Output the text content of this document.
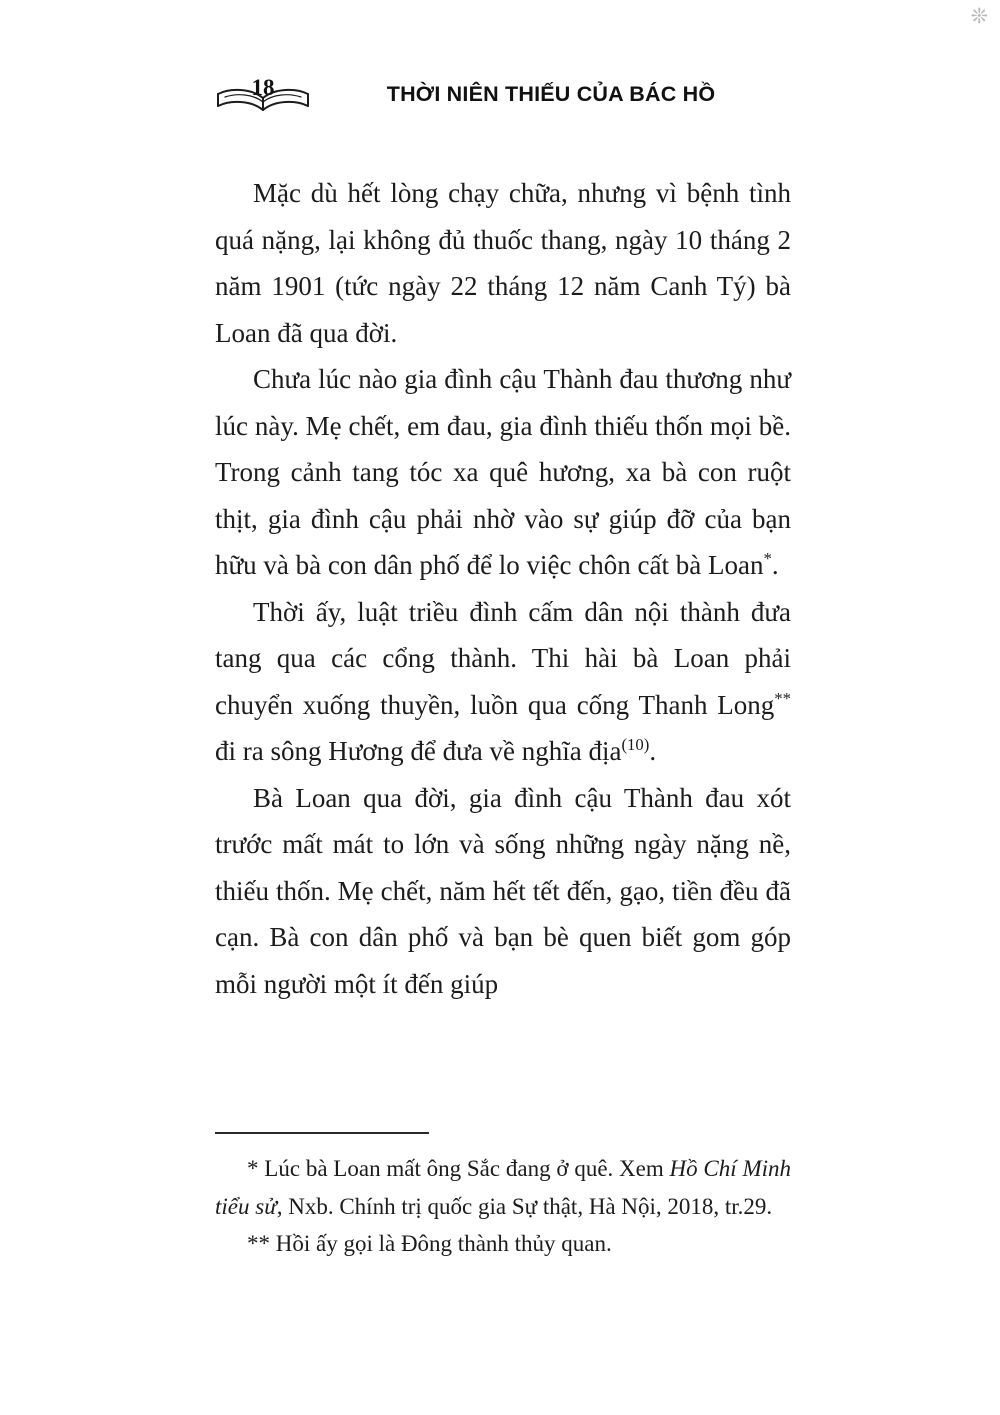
❊
18	THỜI NIÊN THIẾU CỦA BÁC HỒ

Mặc dù hết lòng chạy chữa, nhưng vì bệnh tình quá nặng, lại không đủ thuốc thang, ngày 10 tháng 2 năm 1901 (tức ngày 22 tháng 12 năm Canh Tý) bà Loan đã qua đời.

Chưa lúc nào gia đình cậu Thành đau thương như lúc này. Mẹ chết, em đau, gia đình thiếu thốn mọi bề. Trong cảnh tang tóc xa quê hương, xa bà con ruột thịt, gia đình cậu phải nhờ vào sự giúp đỡ của bạn hữu và bà con dân phố để lo việc chôn cất bà Loan*.

Thời ấy, luật triều đình cấm dân nội thành đưa tang qua các cổng thành. Thi hài bà Loan phải chuyển xuống thuyền, luồn qua cống Thanh Long** đi ra sông Hương để đưa về nghĩa địa$^{(10)}$.

Bà Loan qua đời, gia đình cậu Thành đau xót trước mất mát to lớn và sống những ngày nặng nề, thiếu thốn. Mẹ chết, năm hết tết đến, gạo, tiền đều đã cạn. Bà con dân phố và bạn bè quen biết gom góp mỗi người một ít đến giúp

* Lúc bà Loan mất ông Sắc đang ở quê. Xem Hồ Chí Minh tiểu sử, Nxb. Chính trị quốc gia Sự thật, Hà Nội, 2018, tr.29.

** Hồi ấy gọi là Đông thành thủy quan.
